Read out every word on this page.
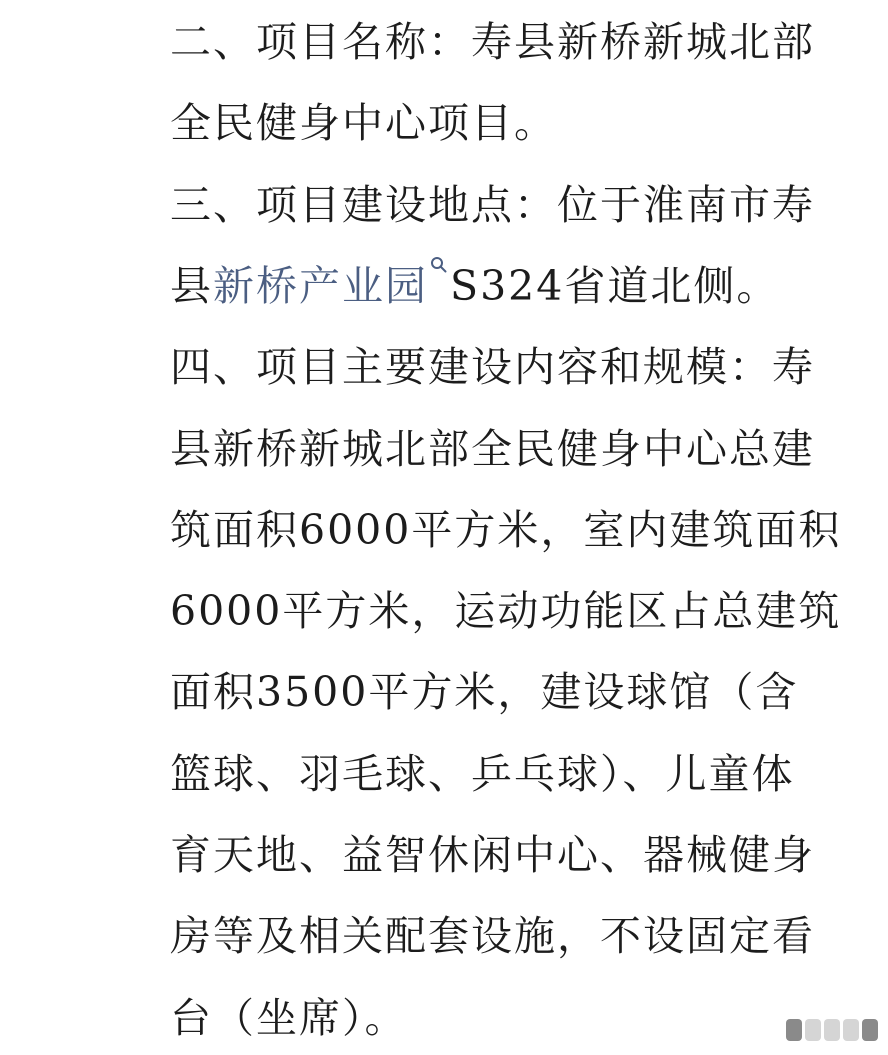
二、项目名称：寿县新桥新城北部
全民健身中心项目。
三、项目建设地点：位于淮南市寿
县新桥产业园 S324省道北侧。
四、项目主要建设内容和规模：寿
县新桥新城北部全民健身中心总建
筑面积6000平方米，室内建筑面积
6000平方米，运动功能区占总建筑
面积3500平方米，建设球馆（含
篮球、羽毛球、乒乓球）、儿童体
育天地、益智休闲中心、器械健身
房等及相关配套设施，不设固定看
台（坐席）。
